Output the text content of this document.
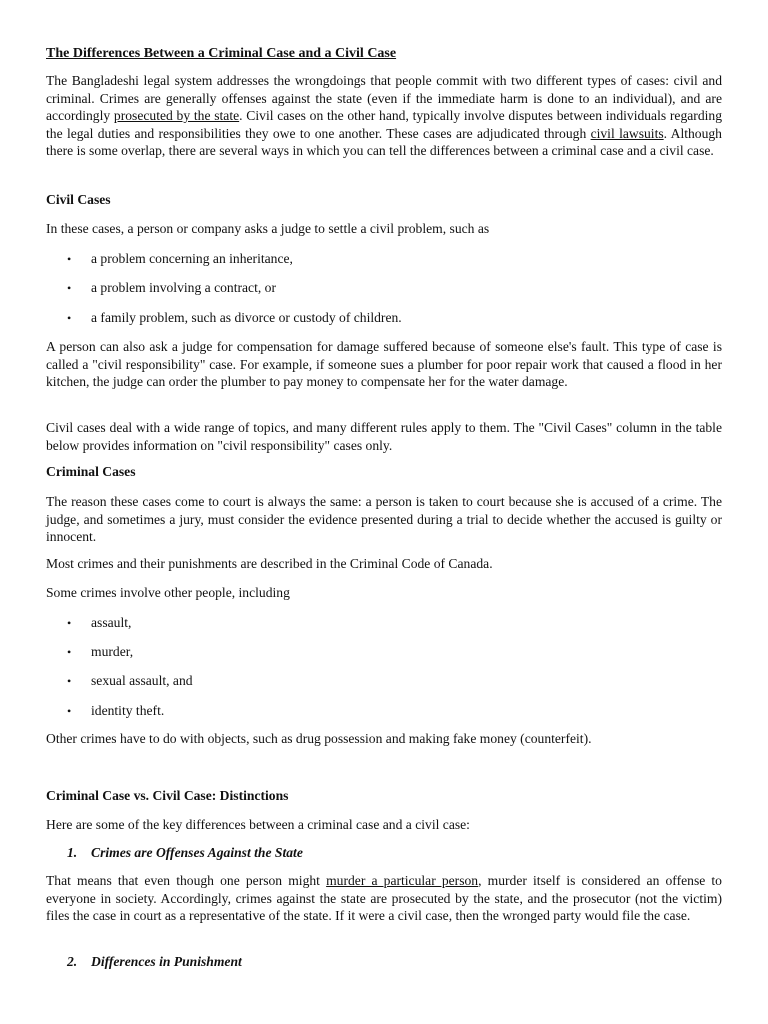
The Differences Between a Criminal Case and a Civil Case

The Bangladeshi legal system addresses the wrongdoings that people commit with two different types of cases: civil and criminal. Crimes are generally offenses against the state (even if the immediate harm is done to an individual), and are accordingly prosecuted by the state. Civil cases on the other hand, typically involve disputes between individuals regarding the legal duties and responsibilities they owe to one another. These cases are adjudicated through civil lawsuits. Although there is some overlap, there are several ways in which you can tell the differences between a criminal case and a civil case.

Civil Cases

In these cases, a person or company asks a judge to settle a civil problem, such as

• a problem concerning an inheritance,

• a problem involving a contract, or

• a family problem, such as divorce or custody of children.

A person can also ask a judge for compensation for damage suffered because of someone else's fault. This type of case is called a "civil responsibility" case. For example, if someone sues a plumber for poor repair work that caused a flood in her kitchen, the judge can order the plumber to pay money to compensate her for the water damage.

Civil cases deal with a wide range of topics, and many different rules apply to them. The "Civil Cases" column in the table below provides information on "civil responsibility" cases only.

Criminal Cases

The reason these cases come to court is always the same: a person is taken to court because she is accused of a crime. The judge, and sometimes a jury, must consider the evidence presented during a trial to decide whether the accused is guilty or innocent.

Most crimes and their punishments are described in the Criminal Code of Canada.

Some crimes involve other people, including

• assault,

• murder,

• sexual assault, and

• identity theft.

Other crimes have to do with objects, such as drug possession and making fake money (counterfeit).

Criminal Case vs. Civil Case: Distinctions

Here are some of the key differences between a criminal case and a civil case:

1. Crimes are Offenses Against the State

That means that even though one person might murder a particular person, murder itself is considered an offense to everyone in society. Accordingly, crimes against the state are prosecuted by the state, and the prosecutor (not the victim) files the case in court as a representative of the state. If it were a civil case, then the wronged party would file the case.

2. Differences in Punishment
